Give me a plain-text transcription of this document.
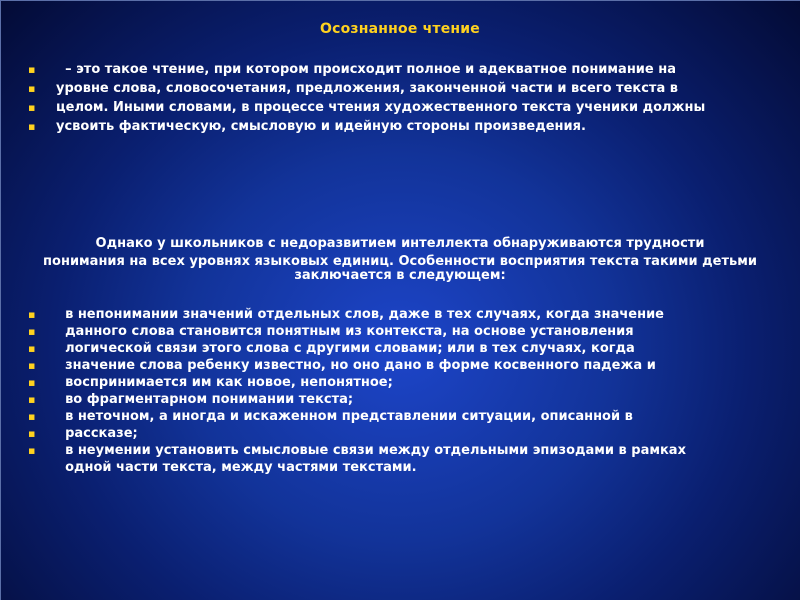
Осознанное чтение
▪ – это такое чтение, при котором происходит полное и адекватное понимание на
▪ уровне слова, словосочетания, предложения, законченной части и всего текста в
▪ целом. Иными словами, в процессе чтения художественного текста ученики должны
▪ усвоить фактическую, смысловую и идейную стороны произведения.
Однако у школьников с недоразвитием интеллекта обнаруживаются трудности
понимания на всех уровнях языковых единиц. Особенности восприятия текста такими детьми заключается в следующем:
▪ в непонимании значений отдельных слов, даже в тех случаях, когда значение
▪ данного слова становится понятным из контекста, на основе установления
▪ логической связи этого слова с другими словами; или в тех случаях, когда
▪ значение слова ребенку известно, но оно дано в форме косвенного падежа и
▪ воспринимается им как новое, непонятное;
▪ во фрагментарном понимании текста;
▪ в неточном, а иногда и искаженном представлении ситуации, описанной в
▪ рассказе;
▪ в неумении установить смысловые связи между отдельными эпизодами в рамках
одной части текста, между частями текстами.
